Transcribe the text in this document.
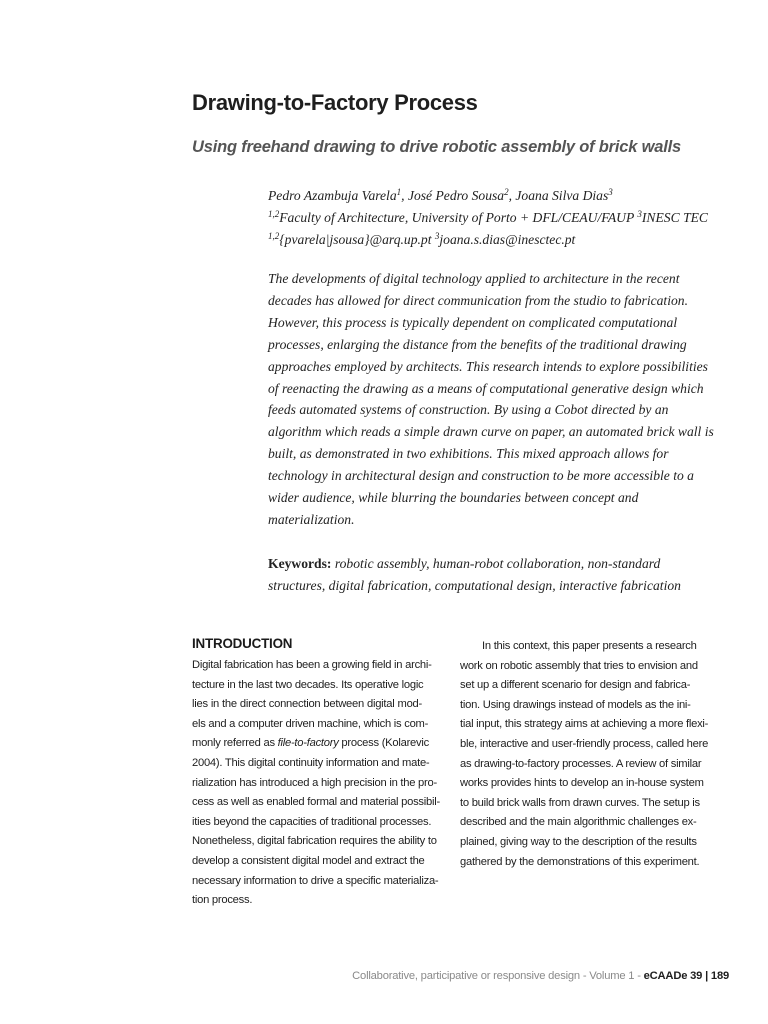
Drawing-to-Factory Process
Using freehand drawing to drive robotic assembly of brick walls
Pedro Azambuja Varela$^1$, José Pedro Sousa$^2$, Joana Silva Dias$^3$
$^{1,2}$Faculty of Architecture, University of Porto + DFL/CEAU/FAUP $^3$INESC TEC
$^{1,2}${pvarela|jsousa}@arq.up.pt $^3$joana.s.dias@inesctec.pt
The developments of digital technology applied to architecture in the recent
decades has allowed for direct communication from the studio to fabrication.
However, this process is typically dependent on complicated computational
processes, enlarging the distance from the benefits of the traditional drawing
approaches employed by architects. This research intends to explore possibilities
of reenacting the drawing as a means of computational generative design which
feeds automated systems of construction. By using a Cobot directed by an
algorithm which reads a simple drawn curve on paper, an automated brick wall is
built, as demonstrated in two exhibitions. This mixed approach allows for
technology in architectural design and construction to be more accessible to a
wider audience, while blurring the boundaries between concept and
materialization.
Keywords: robotic assembly, human-robot collaboration, non-standard
structures, digital fabrication, computational design, interactive fabrication
INTRODUCTION
Digital fabrication has been a growing field in archi-
tecture in the last two decades. Its operative logic
lies in the direct connection between digital mod-
els and a computer driven machine, which is com-
monly referred as file-to-factory process (Kolarevic
2004). This digital continuity information and mate-
rialization has introduced a high precision in the pro-
cess as well as enabled formal and material possibil-
ities beyond the capacities of traditional processes.
Nonetheless, digital fabrication requires the ability to
develop a consistent digital model and extract the
necessary information to drive a specific materializa-
tion process.
In this context, this paper presents a research
work on robotic assembly that tries to envision and
set up a different scenario for design and fabrica-
tion. Using drawings instead of models as the ini-
tial input, this strategy aims at achieving a more flexi-
ble, interactive and user-friendly process, called here
as drawing-to-factory processes. A review of similar
works provides hints to develop an in-house system
to build brick walls from drawn curves. The setup is
described and the main algorithmic challenges ex-
plained, giving way to the description of the results
gathered by the demonstrations of this experiment.
Collaborative, participative or responsive design - Volume 1 - eCAADe 39 | 189
